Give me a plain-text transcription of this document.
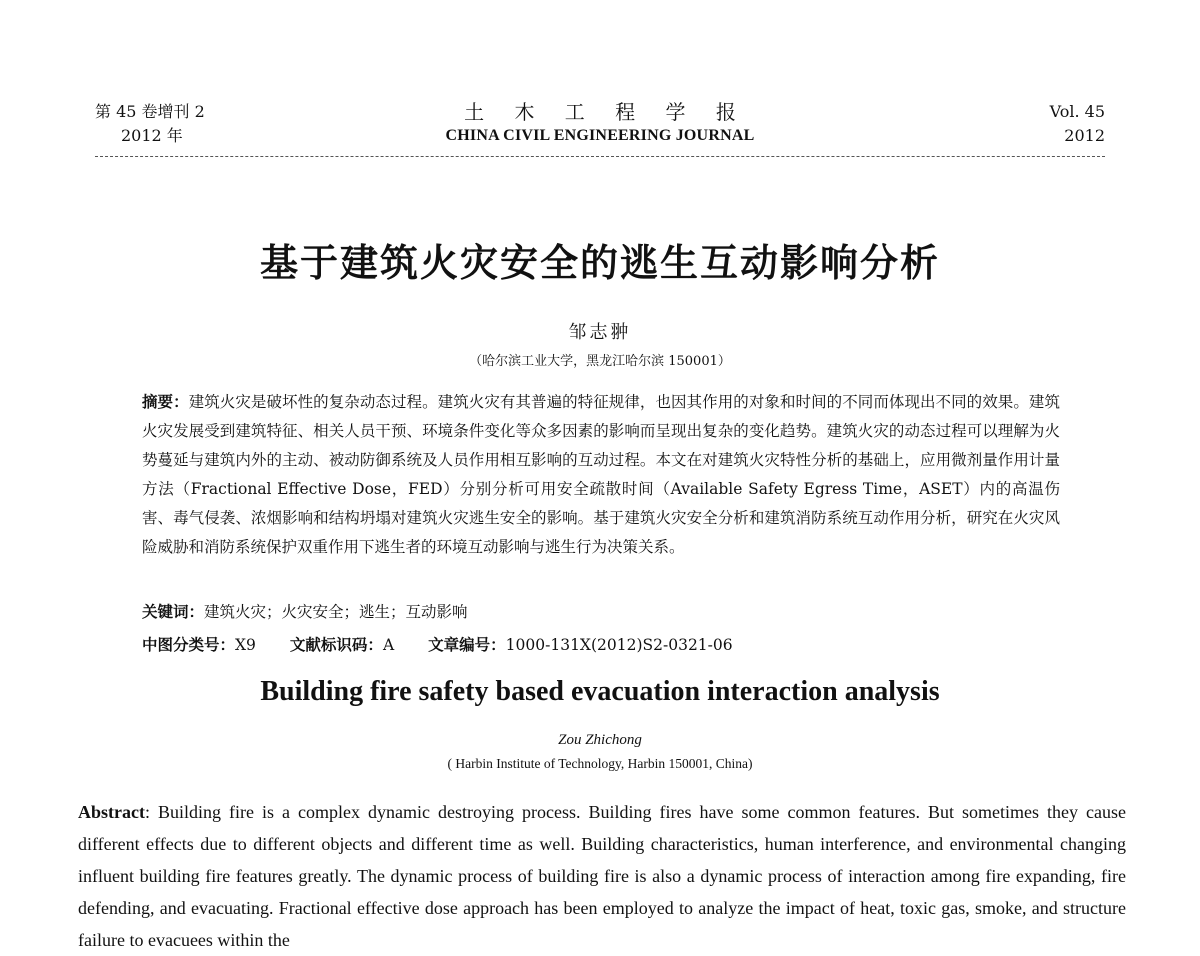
第 45 卷增刊 2
2012 年
土 木 工 程 学 报
CHINA CIVIL ENGINEERING JOURNAL
Vol. 45
2012
基于建筑火灾安全的逃生互动影响分析
邹志翀
（哈尔滨工业大学，黑龙江哈尔滨 150001）
摘要：建筑火灾是破坏性的复杂动态过程。建筑火灾有其普遍的特征规律，也因其作用的对象和时间的不同而体现出不同的效果。建筑火灾发展受到建筑特征、相关人员干预、环境条件变化等众多因素的影响而呈现出复杂的变化趋势。建筑火灾的动态过程可以理解为火势蔓延与建筑内外的主动、被动防御系统及人员作用相互影响的互动过程。本文在对建筑火灾特性分析的基础上，应用微剂量作用计量方法（Fractional Effective Dose，FED）分别分析可用安全疏散时间（Available Safety Egress Time，ASET）内的高温伤害、毒气侵袭、浓烟影响和结构坍塌对建筑火灾逃生安全的影响。基于建筑火灾安全分析和建筑消防系统互动作用分析，研究在火灾风险威胁和消防系统保护双重作用下逃生者的环境互动影响与逃生行为决策关系。
关键词：建筑火灾；火灾安全；逃生；互动影响
中图分类号：X9 文献标识码：A 文章编号：1000-131X(2012)S2-0321-06
Building fire safety based evacuation interaction analysis
Zou Zhichong
( Harbin Institute of Technology, Harbin 150001, China)
Abstract: Building fire is a complex dynamic destroying process. Building fires have some common features. But sometimes they cause different effects due to different objects and different time as well. Building characteristics, human interference, and environmental changing influent building fire features greatly. The dynamic process of building fire is also a dynamic process of interaction among fire expanding, fire defending, and evacuating. Fractional effective dose approach has been employed to analyze the impact of heat, toxic gas, smoke, and structure failure to evacuees within the
